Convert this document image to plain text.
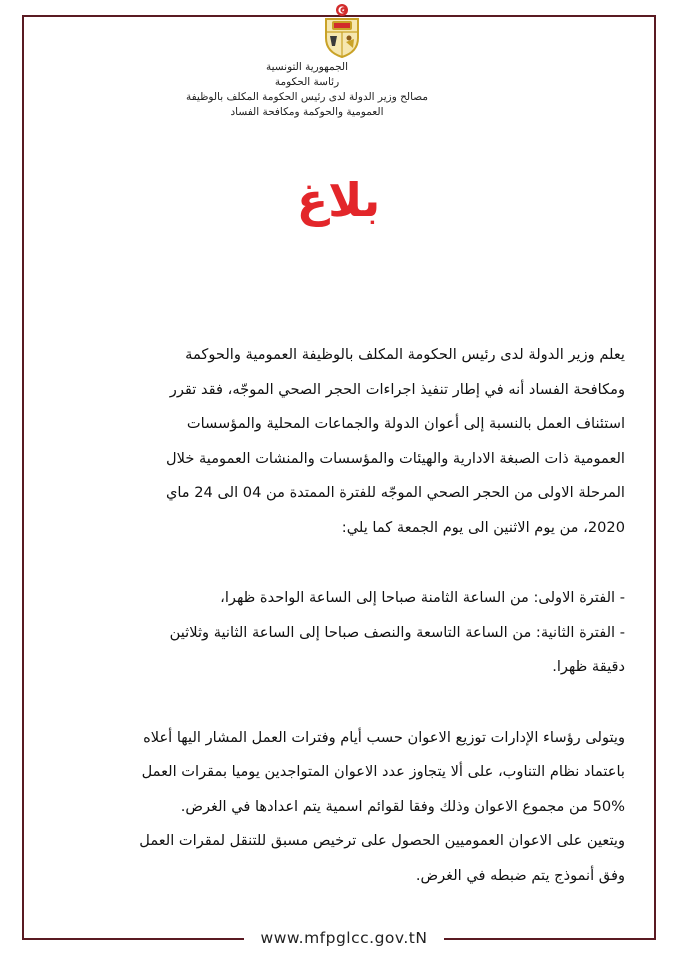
الجمهورية التونسية
رئاسة الحكومة
مصالح وزير الدولة لدى رئيس الحكومة المكلف بالوظيفة
العمومية والحوكمة ومكافحة الفساد
بلاغ
يعلم وزير الدولة لدى رئيس الحكومة المكلف بالوظيفة العمومية والحوكمة
ومكافحة الفساد أنه في إطار تنفيذ اجراءات الحجر الصحي الموجّه، فقد تقرر
استئناف العمل بالنسبة إلى أعوان الدولة والجماعات المحلية والمؤسسات
العمومية ذات الصبغة الادارية والهيئات والمؤسسات والمنشات العمومية خلال
المرحلة الاولى من الحجر الصحي الموجّه للفترة الممتدة من 04 الى 24 ماي
2020، من يوم الاثنين الى يوم الجمعة كما يلي:
- الفترة الاولى: من الساعة الثامنة صباحا إلى الساعة الواحدة ظهرا،
- الفترة الثانية: من الساعة التاسعة والنصف صباحا إلى الساعة الثانية وثلاثين
دقيقة ظهرا.
ويتولى رؤساء الإدارات توزيع الاعوان حسب أيام وفترات العمل المشار اليها أعلاه
باعتماد نظام التناوب، على ألا يتجاوز عدد الاعوان المتواجدين يوميا بمقرات العمل
50% من مجموع الاعوان وذلك وفقا لقوائم اسمية يتم اعدادها في الغرض.
ويتعين على الاعوان العموميين الحصول على ترخيص مسبق للتنقل لمقرات العمل
وفق أنموذج يتم ضبطه في الغرض.
www.mfpglcc.gov.tN
